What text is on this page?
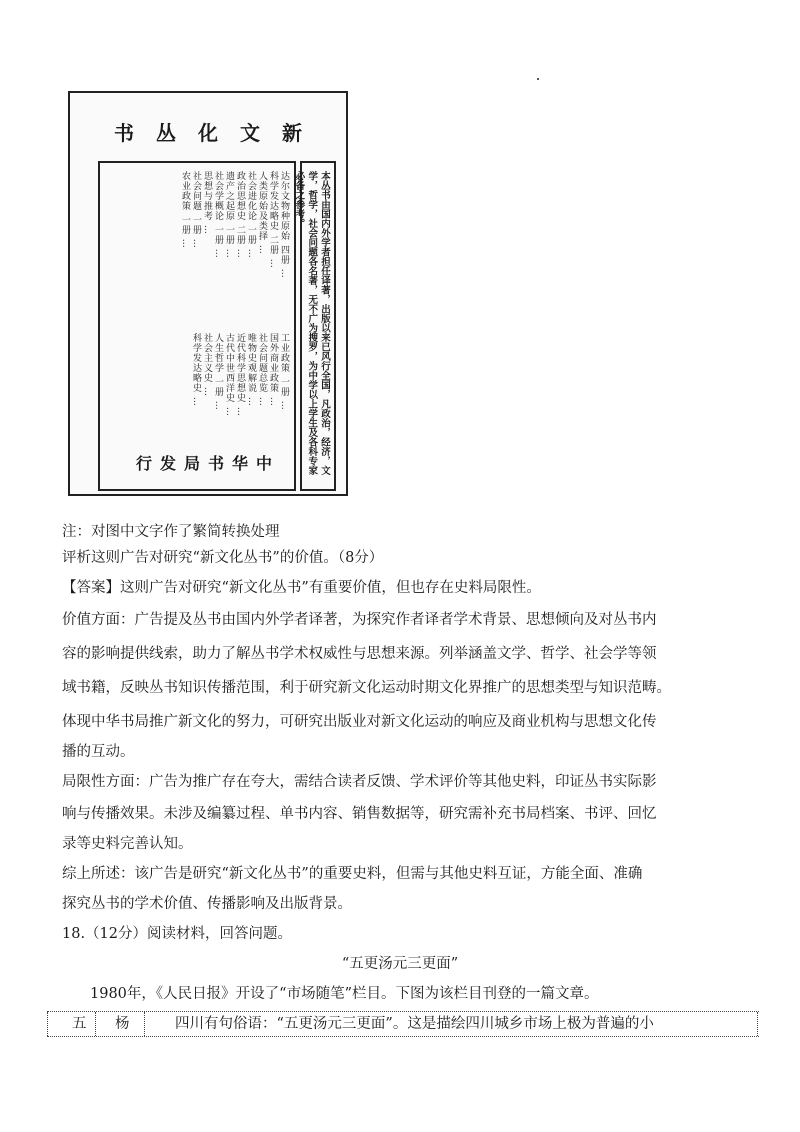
书丛化文新
达尔文物种原始 四册 …
科学发达略史 二册 …
人类原始及类择 …
社会进化论 一册 …
政治思想史 二册 …
遗产之起原 一册 …
社会学概论 一册 …
思想与推考 …
社会问题 一册 …
农业政策 一册 …
工业政策 一册 …
国外商业政策 …
社会问题总览 …
唯物史观解说 …
近代科学思想史 …
古代中世西洋史 …
人生哲学 一册 …
社会主义史 …
科学发达略史 …	本丛书由国内外学者担任译著，出版以来已风行全国，凡政治，经济，文学，哲学，社会问题各名著，无不广为搜罗，为中学以上学生及各科专家必备之参考。
行发局书华中
注：对图中文字作了繁简转换处理
评析这则广告对研究“新文化丛书”的价值。（8分）
【答案】这则广告对研究“新文化丛书”有重要价值，但也存在史料局限性。
价值方面：广告提及丛书由国内外学者译著，为探究作者译者学术背景、思想倾向及对丛书内
容的影响提供线索，助力了解丛书学术权威性与思想来源。列举涵盖文学、哲学、社会学等领
域书籍，反映丛书知识传播范围，利于研究新文化运动时期文化界推广的思想类型与知识范畴。
体现中华书局推广新文化的努力，可研究出版业对新文化运动的响应及商业机构与思想文化传
播的互动。
局限性方面：广告为推广存在夸大，需结合读者反馈、学术评价等其他史料，印证丛书实际影
响与传播效果。未涉及编纂过程、单书内容、销售数据等，研究需补充书局档案、书评、回忆
录等史料完善认知。
综上所述：该广告是研究“新文化丛书”的重要史料，但需与其他史料互证，方能全面、准确
探究丛书的学术价值、传播影响及出版背景。
18.（12分）阅读材料，回答问题。
“五更汤元三更面”
1980年，《人民日报》开设了“市场随笔”栏目。下图为该栏目刊登的一篇文章。
五 杨	四川有句俗语：“五更汤元三更面”。这是描绘四川城乡市场上极为普遍的小
